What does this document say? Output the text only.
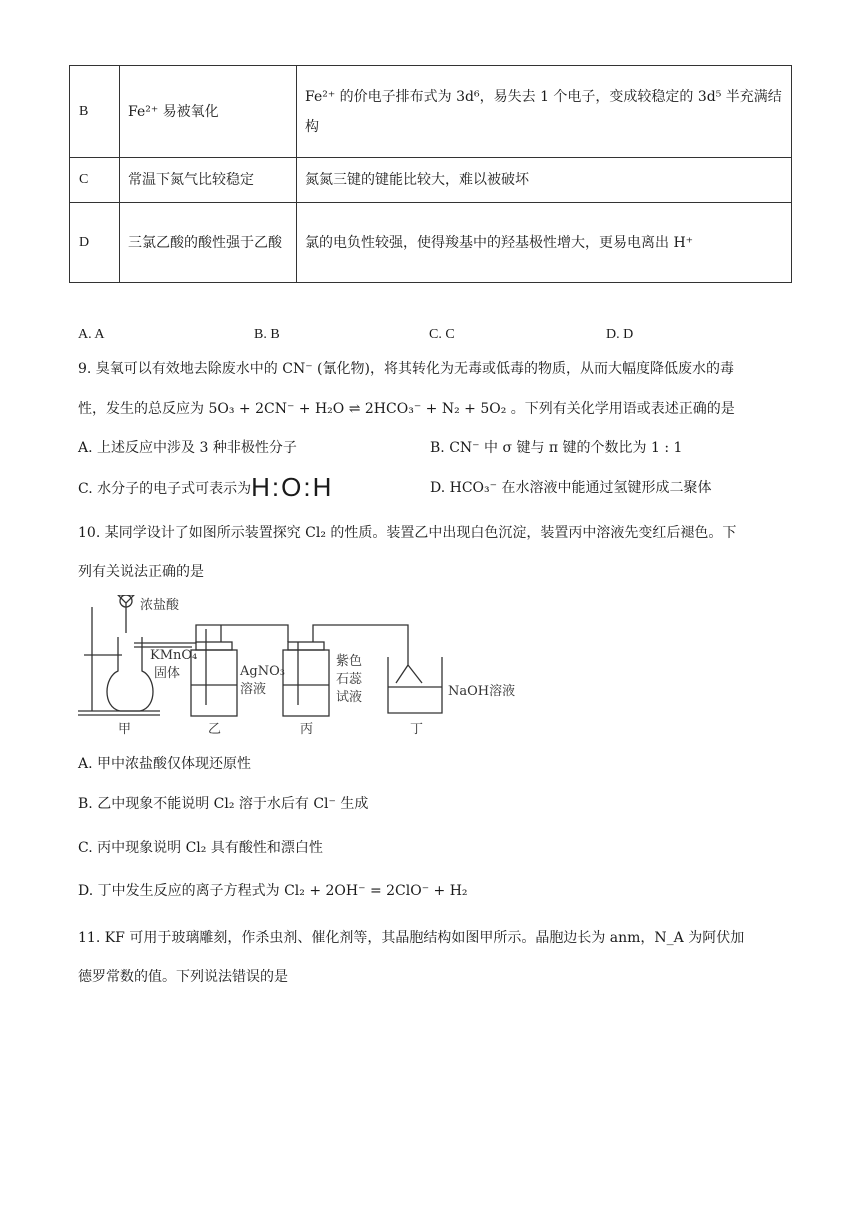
B	Fe²⁺ 易被氧化	Fe²⁺ 的价电子排布式为 3d⁶，易失去 1 个电子，变成较稳定的 3d⁵ 半充满结构
C	常温下氮气比较稳定	氮氮三键的键能比较大，难以被破坏
D	三氯乙酸的酸性强于乙酸	氯的电负性较强，使得羧基中的羟基极性增大，更易电离出 H⁺
A. A	B. B	C. C	D. D
9. 臭氧可以有效地去除废水中的 CN⁻ (氰化物)，将其转化为无毒或低毒的物质，从而大幅度降低废水的毒
性，发生的总反应为 5O₃ + 2CN⁻ + H₂O ⇌ 2HCO₃⁻ + N₂ + 5O₂ 。下列有关化学用语或表述正确的是
A. 上述反应中涉及 3 种非极性分子	B. CN⁻ 中 σ 键与 π 键的个数比为 1 : 1
C. 水分子的电子式可表示为H:O:H	D. HCO₃⁻ 在水溶液中能通过氢键形成二聚体
10. 某同学设计了如图所示装置探究 Cl₂ 的性质。装置乙中出现白色沉淀，装置丙中溶液先变红后褪色。下
列有关说法正确的是
浓盐酸
KMnO₄
固体	AgNO₃
溶液
紫色
石蕊
试液	NaOH溶液
甲	乙	丙	丁
A. 甲中浓盐酸仅体现还原性
B. 乙中现象不能说明 Cl₂ 溶于水后有 Cl⁻ 生成
C. 丙中现象说明 Cl₂ 具有酸性和漂白性
D. 丁中发生反应的离子方程式为 Cl₂ + 2OH⁻ = 2ClO⁻ + H₂
11. KF 可用于玻璃雕刻，作杀虫剂、催化剂等，其晶胞结构如图甲所示。晶胞边长为 anm，N_A 为阿伏加
德罗常数的值。下列说法错误的是
